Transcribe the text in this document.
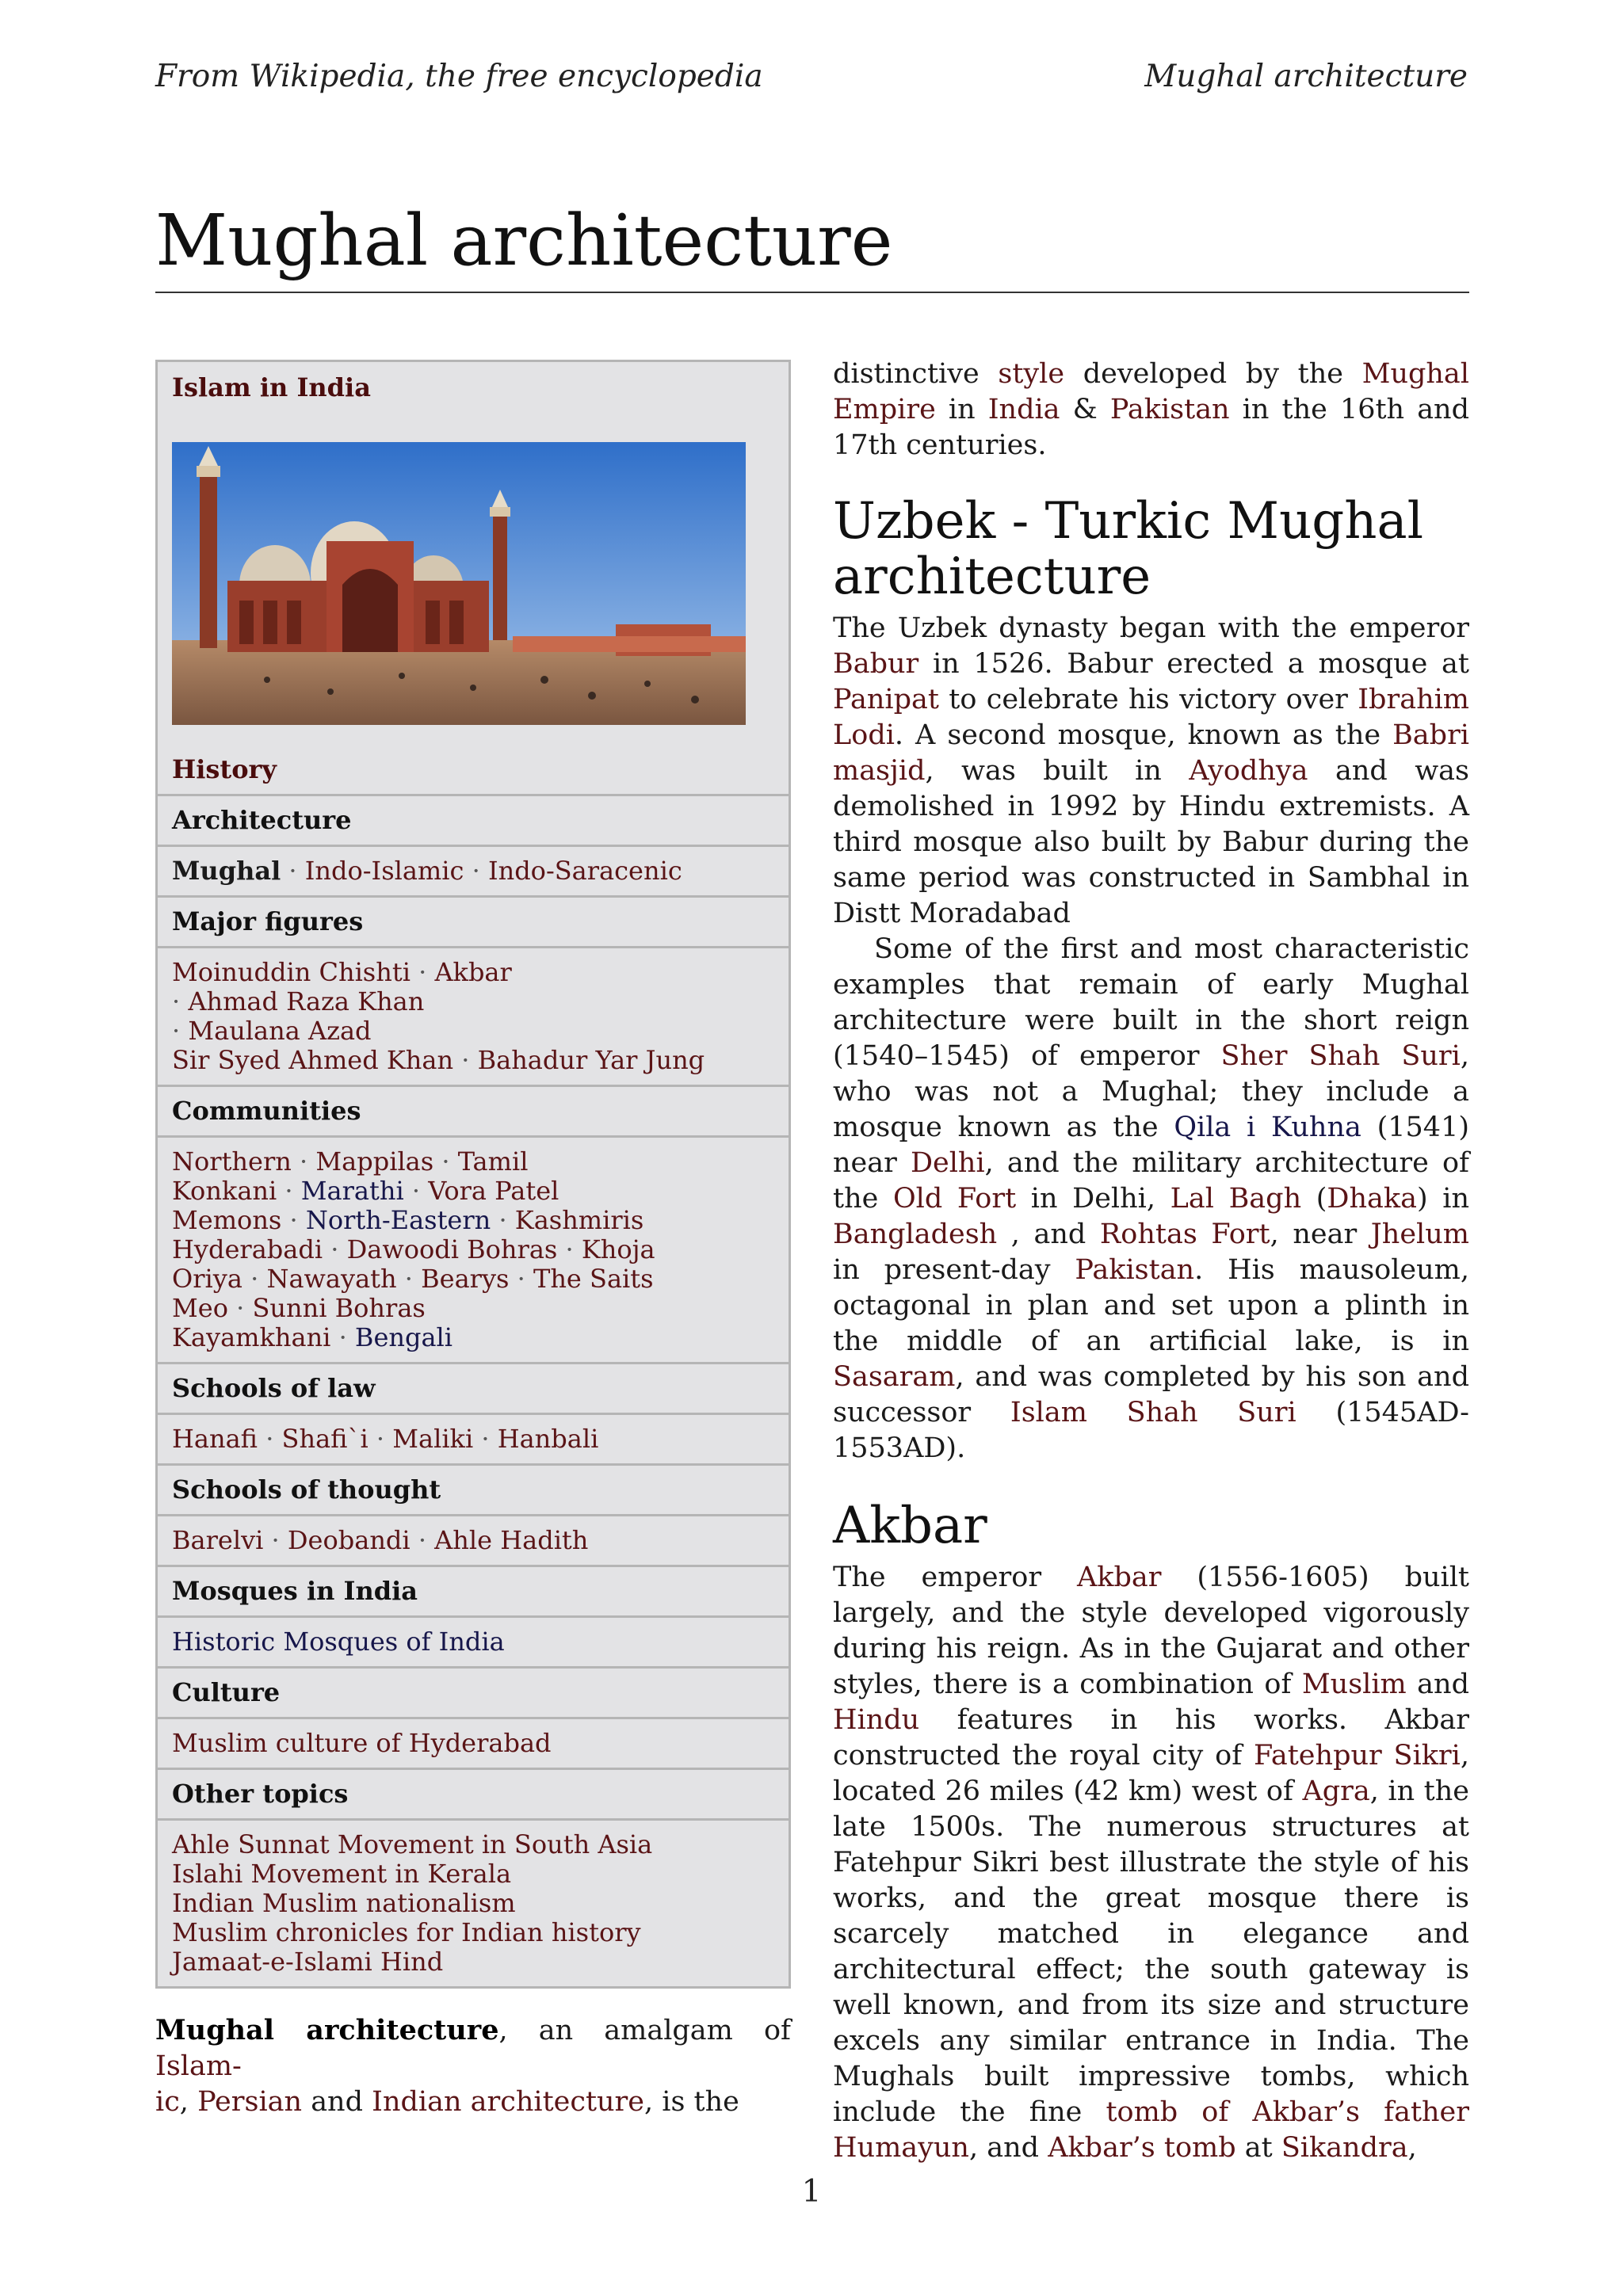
From Wikipedia, the free encyclopedia	Mughal architecture
Mughal architecture
Islam in India
History
Architecture
Mughal · Indo-Islamic · Indo-Saracenic
Major figures
Moinuddin Chishti · Akbar
· Ahmad Raza Khan
· Maulana Azad
Sir Syed Ahmed Khan · Bahadur Yar Jung
Communities
Northern · Mappilas · Tamil
Konkani · Marathi · Vora Patel
Memons · North-Eastern · Kashmiris
Hyderabadi · Dawoodi Bohras · Khoja
Oriya · Nawayath · Bearys · The Saits
Meo · Sunni Bohras
Kayamkhani · Bengali
Schools of law
Hanafi · Shafi`i · Maliki · Hanbali
Schools of thought
Barelvi · Deobandi · Ahle Hadith
Mosques in India
Historic Mosques of India
Culture
Muslim culture of Hyderabad
Other topics
Ahle Sunnat Movement in South Asia
Islahi Movement in Kerala
Indian Muslim nationalism
Muslim chronicles for Indian history
Jamaat-e-Islami Hind

Mughal architecture, an amalgam of Islam-
ic, Persian and Indian architecture, is the

distinctive style developed by the Mughal Empire in India & Pakistan in the 16th and 17th centuries.

Uzbek - Turkic Mughal architecture

The Uzbek dynasty began with the emperor Babur in 1526. Babur erected a mosque at Panipat to celebrate his victory over Ibrahim Lodi. A second mosque, known as the Babri masjid, was built in Ayodhya and was demolished in 1992 by Hindu extremists. A third mosque also built by Babur during the same period was constructed in Sambhal in Distt Moradabad

Some of the first and most characteristic examples that remain of early Mughal architecture were built in the short reign (1540–1545) of emperor Sher Shah Suri, who was not a Mughal; they include a mosque known as the Qila i Kuhna (1541) near Delhi, and the military architecture of the Old Fort in Delhi, Lal Bagh (Dhaka) in Bangladesh , and Rohtas Fort, near Jhelum in present-day Pakistan. His mausoleum, octagonal in plan and set upon a plinth in the middle of an artificial lake, is in Sasaram, and was completed by his son and successor Islam Shah Suri (1545AD-1553AD).

Akbar

The emperor Akbar (1556-1605) built largely, and the style developed vigorously during his reign. As in the Gujarat and other styles, there is a combination of Muslim and Hindu features in his works. Akbar constructed the royal city of Fatehpur Sikri, located 26 miles (42 km) west of Agra, in the late 1500s. The numerous structures at Fatehpur Sikri best illustrate the style of his works, and the great mosque there is scarcely matched in elegance and architectural effect; the south gateway is well known, and from its size and structure excels any similar entrance in India. The Mughals built impressive tombs, which include the fine tomb of Akbar’s father Humayun, and Akbar’s tomb at Sikandra,

1
